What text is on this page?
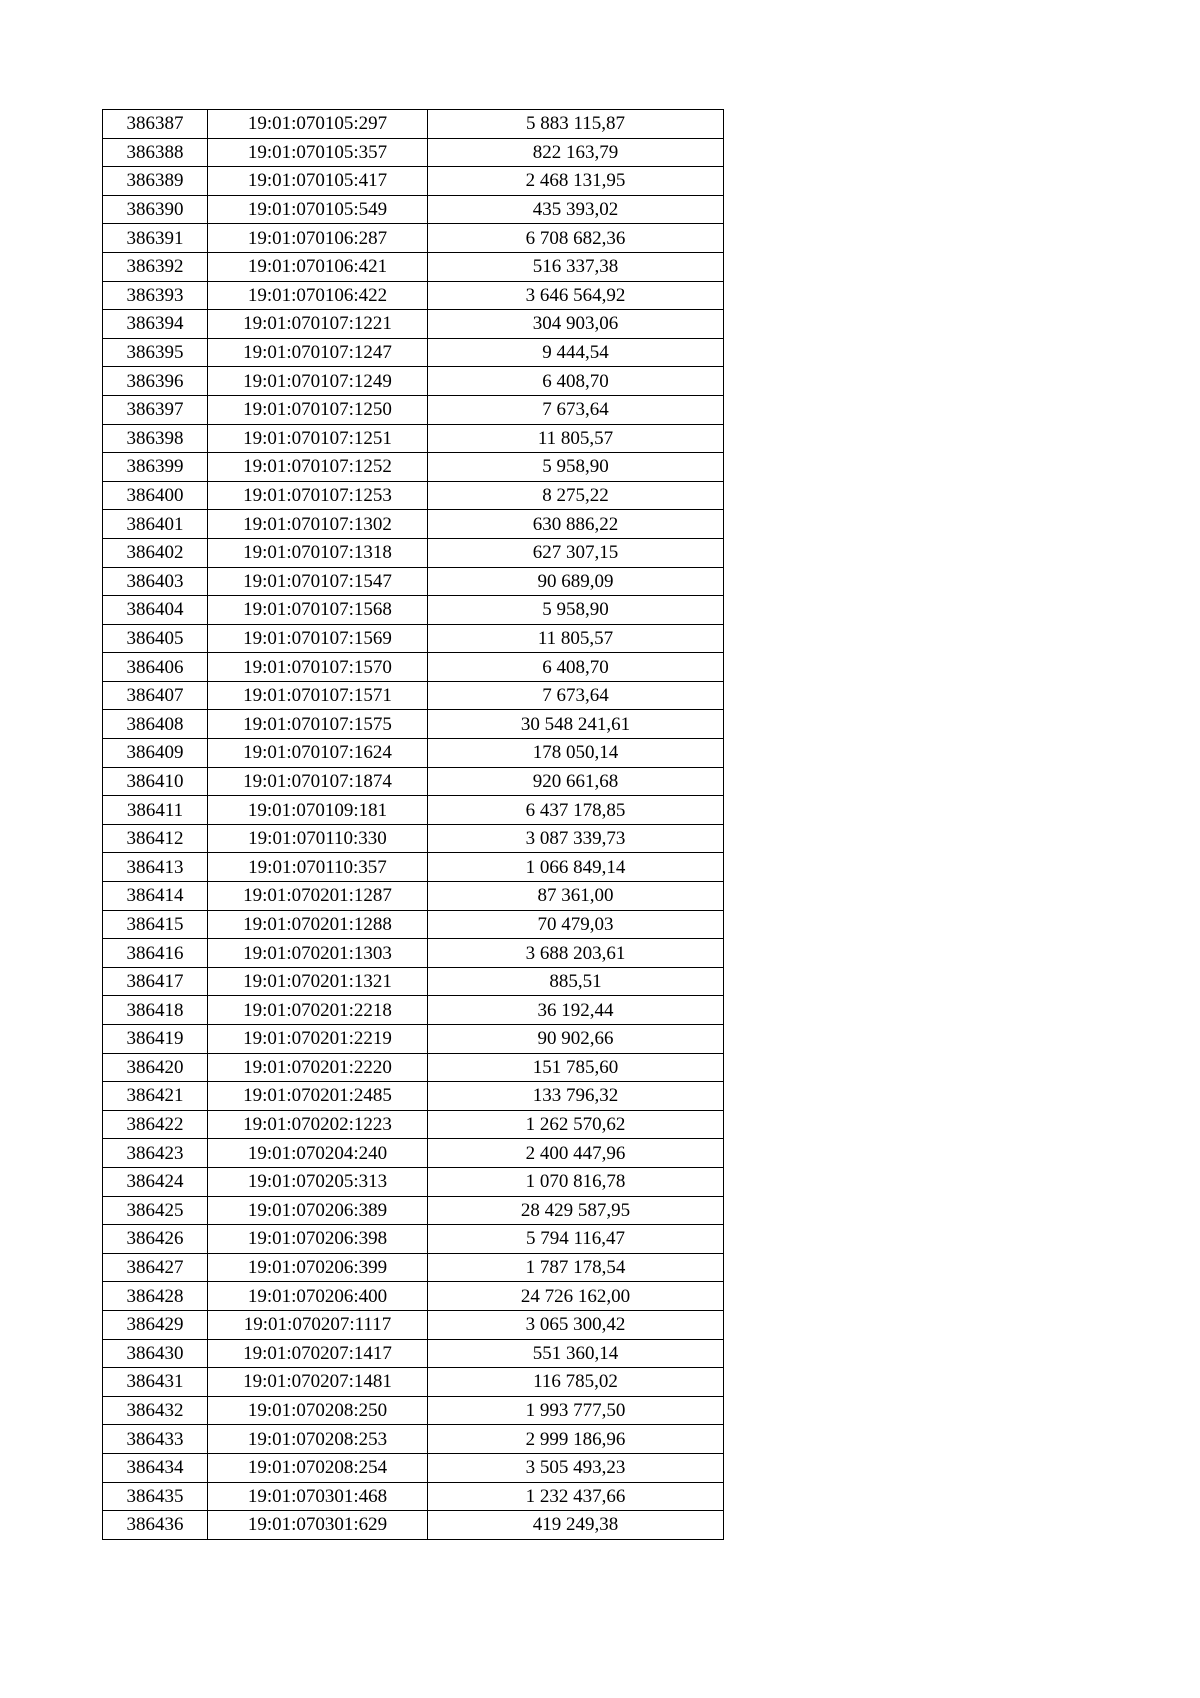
386387	19:01:070105:297	5 883 115,87
386388	19:01:070105:357	822 163,79
386389	19:01:070105:417	2 468 131,95
386390	19:01:070105:549	435 393,02
386391	19:01:070106:287	6 708 682,36
386392	19:01:070106:421	516 337,38
386393	19:01:070106:422	3 646 564,92
386394	19:01:070107:1221	304 903,06
386395	19:01:070107:1247	9 444,54
386396	19:01:070107:1249	6 408,70
386397	19:01:070107:1250	7 673,64
386398	19:01:070107:1251	11 805,57
386399	19:01:070107:1252	5 958,90
386400	19:01:070107:1253	8 275,22
386401	19:01:070107:1302	630 886,22
386402	19:01:070107:1318	627 307,15
386403	19:01:070107:1547	90 689,09
386404	19:01:070107:1568	5 958,90
386405	19:01:070107:1569	11 805,57
386406	19:01:070107:1570	6 408,70
386407	19:01:070107:1571	7 673,64
386408	19:01:070107:1575	30 548 241,61
386409	19:01:070107:1624	178 050,14
386410	19:01:070107:1874	920 661,68
386411	19:01:070109:181	6 437 178,85
386412	19:01:070110:330	3 087 339,73
386413	19:01:070110:357	1 066 849,14
386414	19:01:070201:1287	87 361,00
386415	19:01:070201:1288	70 479,03
386416	19:01:070201:1303	3 688 203,61
386417	19:01:070201:1321	885,51
386418	19:01:070201:2218	36 192,44
386419	19:01:070201:2219	90 902,66
386420	19:01:070201:2220	151 785,60
386421	19:01:070201:2485	133 796,32
386422	19:01:070202:1223	1 262 570,62
386423	19:01:070204:240	2 400 447,96
386424	19:01:070205:313	1 070 816,78
386425	19:01:070206:389	28 429 587,95
386426	19:01:070206:398	5 794 116,47
386427	19:01:070206:399	1 787 178,54
386428	19:01:070206:400	24 726 162,00
386429	19:01:070207:1117	3 065 300,42
386430	19:01:070207:1417	551 360,14
386431	19:01:070207:1481	116 785,02
386432	19:01:070208:250	1 993 777,50
386433	19:01:070208:253	2 999 186,96
386434	19:01:070208:254	3 505 493,23
386435	19:01:070301:468	1 232 437,66
386436	19:01:070301:629	419 249,38
